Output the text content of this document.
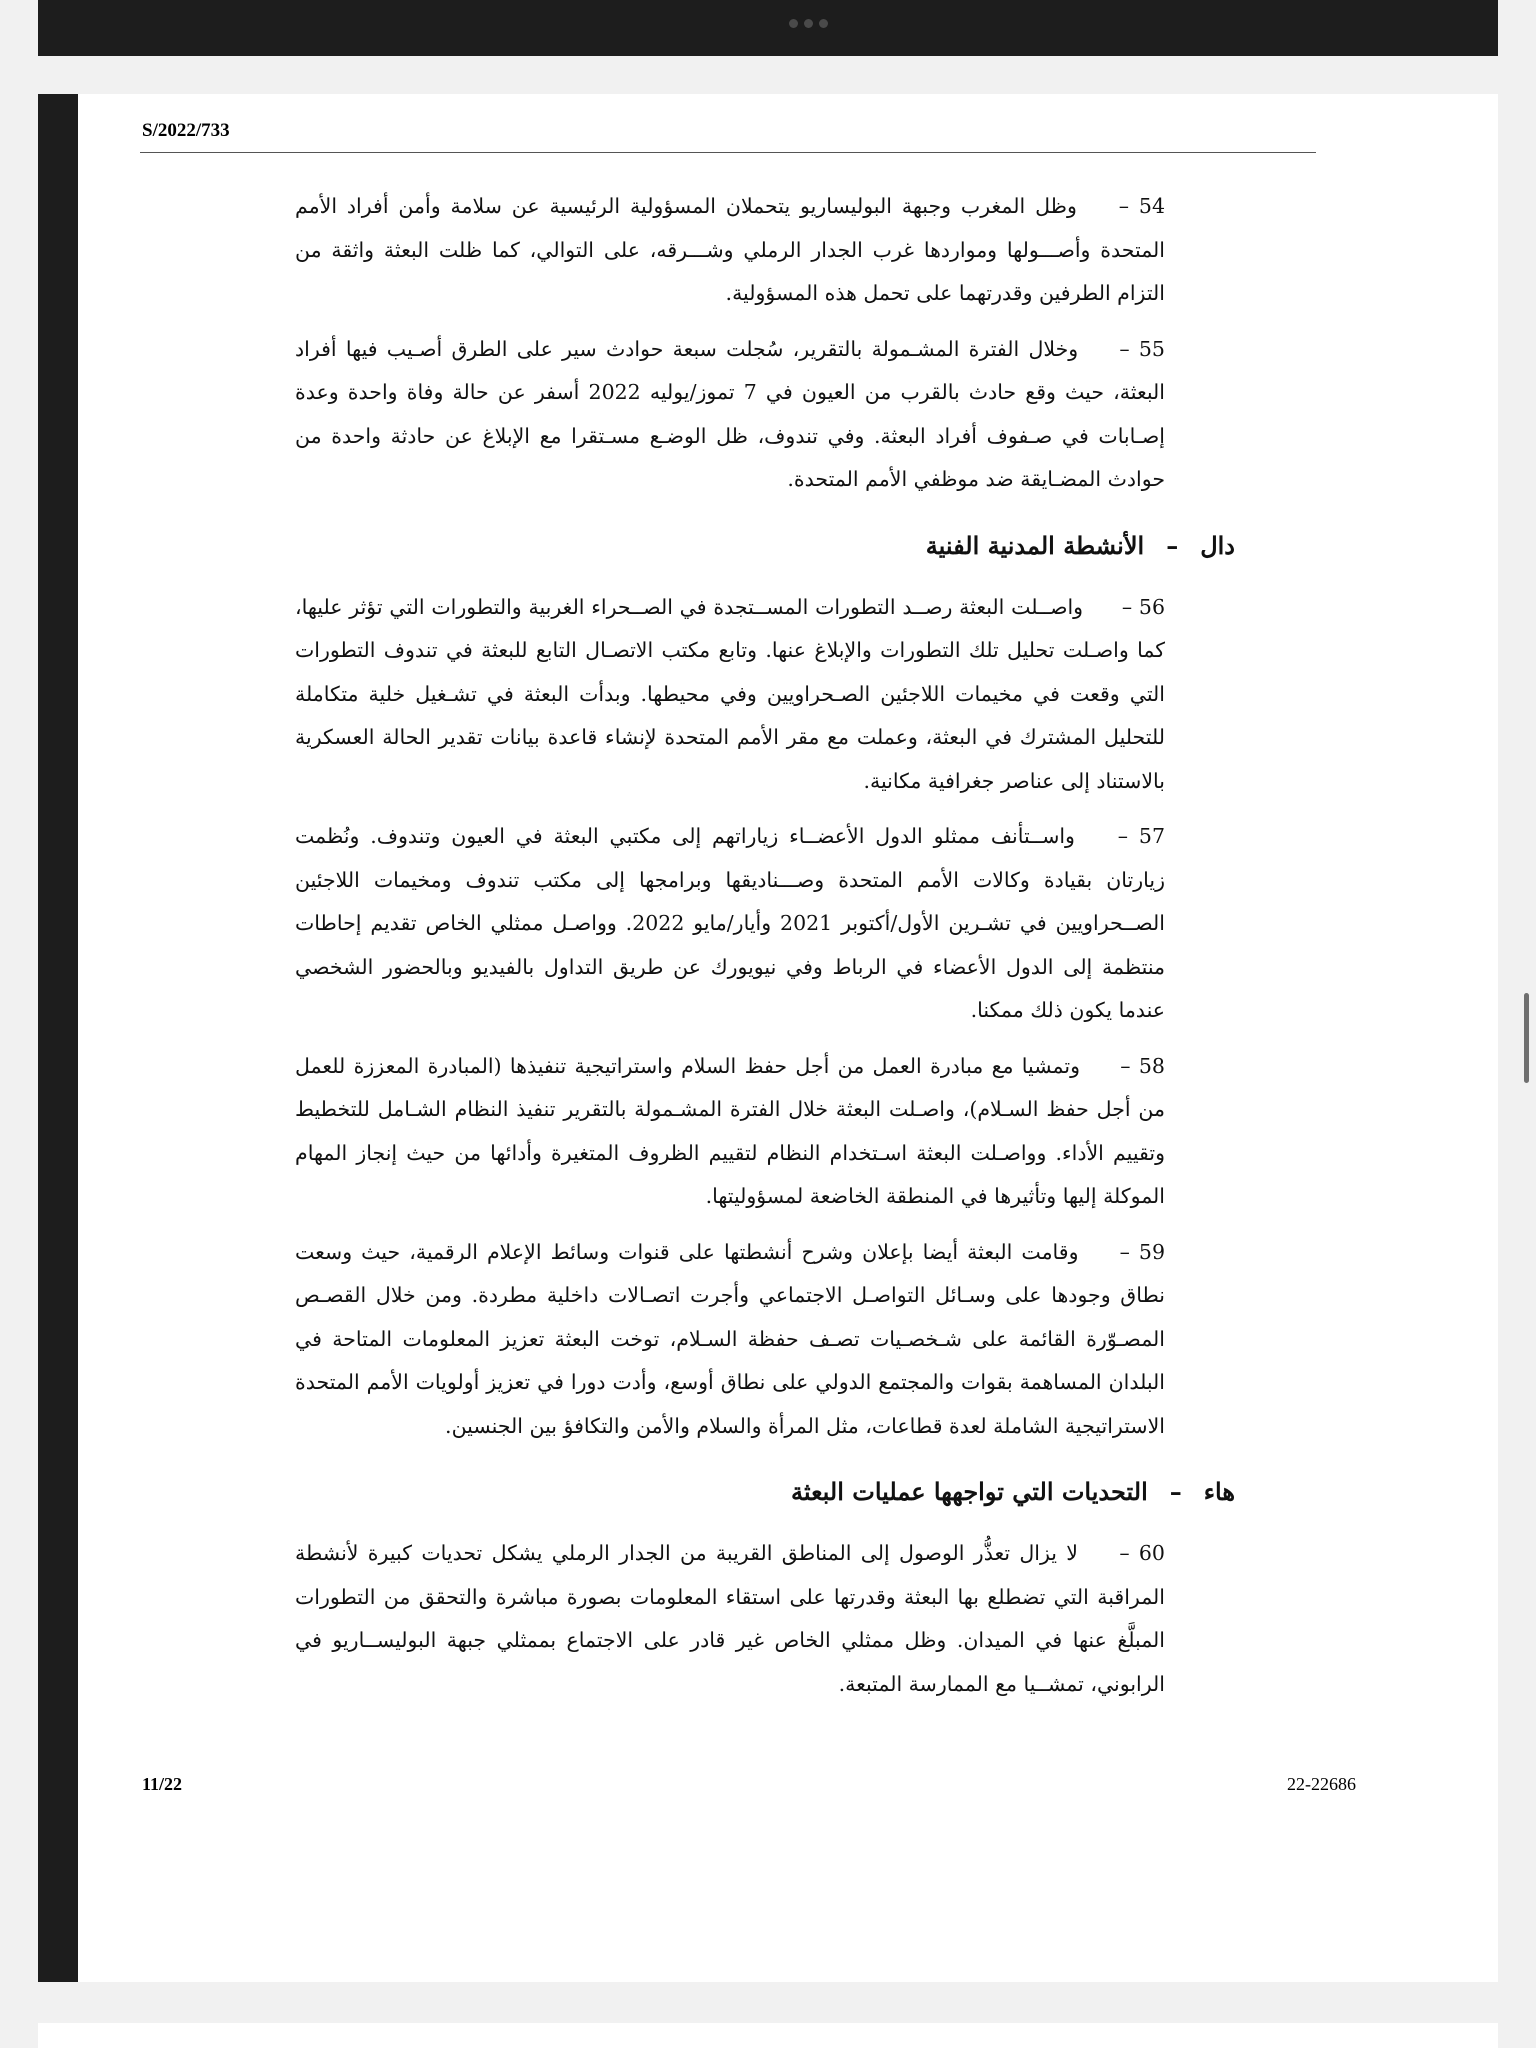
S/2022/733

54 – وظل المغرب وجبهة البوليساريو يتحملان المسؤولية الرئيسية عن سلامة وأمن أفراد الأمم المتحدة وأصـــولها ومواردها غرب الجدار الرملي وشـــرقه، على التوالي، كما ظلت البعثة واثقة من التزام الطرفين وقدرتهما على تحمل هذه المسؤولية.

55 – وخلال الفترة المشـمولة بالتقرير، سُجلت سبعة حوادث سير على الطرق أصـيب فيها أفراد البعثة، حيث وقع حادث بالقرب من العيون في 7 تموز/يوليه 2022 أسفر عن حالة وفاة واحدة وعدة إصـابات في صـفوف أفراد البعثة. وفي تندوف، ظل الوضـع مسـتقرا مع الإبلاغ عن حادثة واحدة من حوادث المضـايقة ضد موظفي الأمم المتحدة.

دال
–
الأنشطة المدنية الفنية

56 – واصــلت البعثة رصــد التطورات المســتجدة في الصــحراء الغربية والتطورات التي تؤثر عليها، كما واصـلت تحليل تلك التطورات والإبلاغ عنها. وتابع مكتب الاتصـال التابع للبعثة في تندوف التطورات التي وقعت في مخيمات اللاجئين الصـحراويين وفي محيطها. وبدأت البعثة في تشـغيل خلية متكاملة للتحليل المشترك في البعثة، وعملت مع مقر الأمم المتحدة لإنشاء قاعدة بيانات تقدير الحالة العسكرية بالاستناد إلى عناصر جغرافية مكانية.

57 – واســتأنف ممثلو الدول الأعضــاء زياراتهم إلى مكتبي البعثة في العيون وتندوف. ونُظمت زيارتان بقيادة وكالات الأمم المتحدة وصـــناديقها وبرامجها إلى مكتب تندوف ومخيمات اللاجئين الصــحراويين في تشـرين الأول/أكتوبر 2021 وأيار/مايو 2022. وواصـل ممثلي الخاص تقديم إحاطات منتظمة إلى الدول الأعضاء في الرباط وفي نيويورك عن طريق التداول بالفيديو وبالحضور الشخصي عندما يكون ذلك ممكنا.

58 – وتمشيا مع مبادرة العمل من أجل حفظ السلام واستراتيجية تنفيذها (المبادرة المعززة للعمل من أجل حفظ السـلام)، واصـلت البعثة خلال الفترة المشـمولة بالتقرير تنفيذ النظام الشـامل للتخطيط وتقييم الأداء. وواصـلت البعثة اسـتخدام النظام لتقييم الظروف المتغيرة وأدائها من حيث إنجاز المهام الموكلة إليها وتأثيرها في المنطقة الخاضعة لمسؤوليتها.

59 – وقامت البعثة أيضا بإعلان وشرح أنشطتها على قنوات وسائط الإعلام الرقمية، حيث وسعت نطاق وجودها على وسـائل التواصـل الاجتماعي وأجرت اتصـالات داخلية مطردة. ومن خلال القصـص المصـوّرة القائمة على شـخصـيات تصـف حفظة السـلام، توخت البعثة تعزيز المعلومات المتاحة في البلدان المساهمة بقوات والمجتمع الدولي على نطاق أوسع، وأدت دورا في تعزيز أولويات الأمم المتحدة الاستراتيجية الشاملة لعدة قطاعات، مثل المرأة والسلام والأمن والتكافؤ بين الجنسين.

هاء
–
التحديات التي تواجهها عمليات البعثة

60 – لا يزال تعذُّر الوصول إلى المناطق القريبة من الجدار الرملي يشكل تحديات كبيرة لأنشطة المراقبة التي تضطلع بها البعثة وقدرتها على استقاء المعلومات بصورة مباشرة والتحقق من التطورات المبلَّغ عنها في الميدان. وظل ممثلي الخاص غير قادر على الاجتماع بممثلي جبهة البوليســاريو في الرابوني، تمشــيا مع الممارسة المتبعة.

11/22	22-22686
